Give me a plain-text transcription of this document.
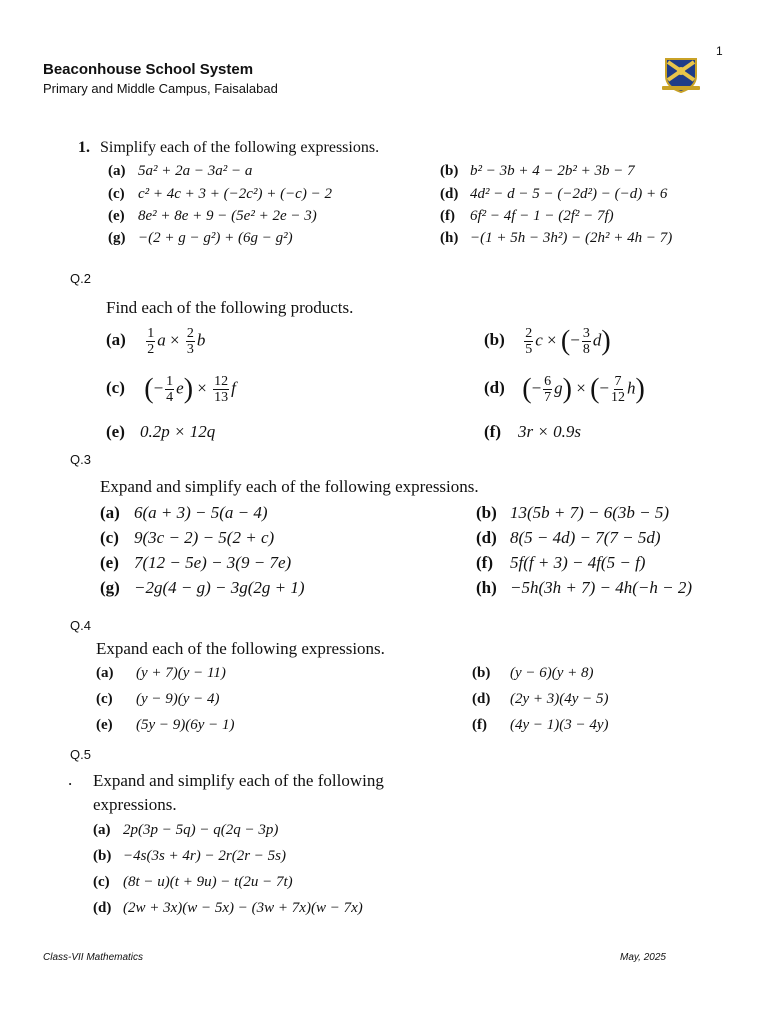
1
Beaconhouse School System
Primary and Middle Campus, Faisalabad
1. Simplify each of the following expressions.
(a) 5a² + 2a − 3a² − a	(b) b² − 3b + 4 − 2b² + 3b − 7
(c) c² + 4c + 3 + (−2c²) + (−c) − 2	(d) 4d² − d − 5 − (−2d²) − (−d) + 6
(e) 8e² + 8e + 9 − (5e² + 2e − 3)	(f) 6f² − 4f − 1 − (2f² − 7f)
(g) −(2 + g − g²) + (6g − g²)	(h) −(1 + 5h − 3h²) − (2h² + 4h − 7)
Q.2
Find each of the following products.
$(a) \frac{1}{2}$ $a \times \frac{2}{3}$ b	$(b) \frac{2}{5}$ c × (− $\frac{3}{8} d$)
(c) (− $\frac{1}{4} e) \times \frac{12}{13}$ f	(d) (− $\frac{6}{7} g$) × (− $\frac{7}{12} h$)
(e) 0.2p × 12q	(f) 3r × 0.9s
Q.3
Expand and simplify each of the following expressions.
(a) 6(a + 3) − 5(a − 4)	(b) 13(5b + 7) − 6(3b − 5)
(c) 9(3c − 2) − 5(2 + c)	(d) 8(5 − 4d) − 7(7 − 5d)
(e) 7(12 − 5e) − 3(9 − 7e)	(f) 5f(f + 3) − 4f(5 − f)
(g) −2g(4 − g) − 3g(2g + 1)	(h) −5h(3h + 7) − 4h(−h − 2)
Q.4
Expand each of the following expressions.
(a) (y + 7)(y − 11)	(b) (y − 6)(y + 8)
(c) (y − 9)(y − 4)	(d) (2y + 3)(4y − 5)
(e) (5y − 9)(6y − 1)	(f) (4y − 1)(3 − 4y)
Q.5
. Expand and simplify each of the following
expressions.
(a) 2p(3p − 5q) − q(2q − 3p)
(b) −4s(3s + 4r) − 2r(2r − 5s)
(c) (8t − u)(t + 9u) − t(2u − 7t)
(d) (2w + 3x)(w − 5x) − (3w + 7x)(w − 7x)
Class-VII Mathematics	May, 2025
